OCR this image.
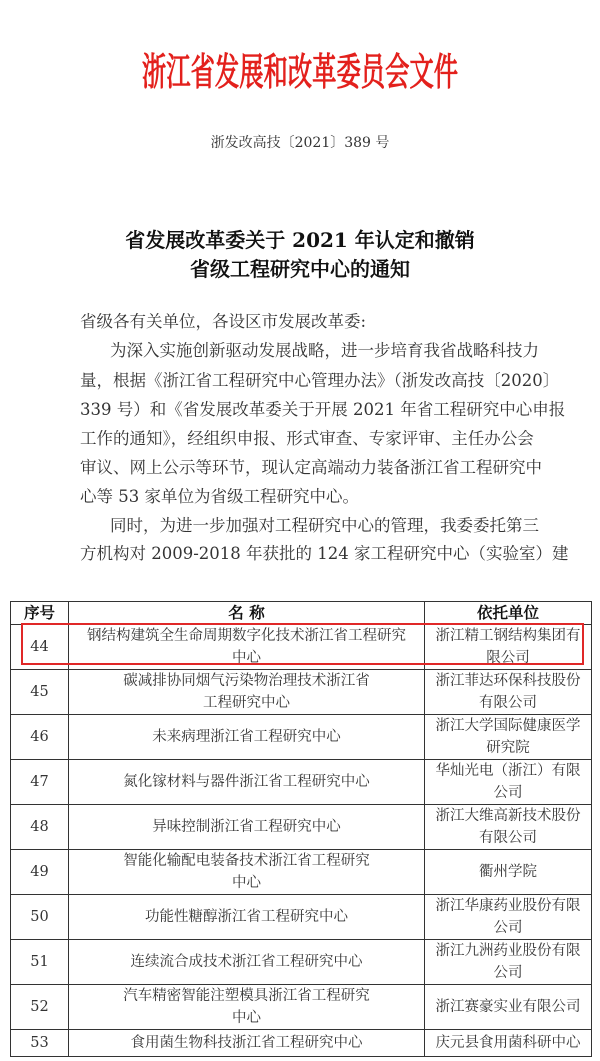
浙江省发展和改革委员会文件
浙发改高技〔2021〕389 号
省发展改革委关于 2021 年认定和撤销
省级工程研究中心的通知
省级各有关单位，各设区市发展改革委:
为深入实施创新驱动发展战略，进一步培育我省战略科技力
量，根据《浙江省工程研究中心管理办法》（浙发改高技〔2020〕
339 号）和《省发展改革委关于开展 2021 年省工程研究中心申报
工作的通知》，经组织申报、形式审查、专家评审、主任办公会
审议、网上公示等环节，现认定高端动力装备浙江省工程研究中
心等 53 家单位为省级工程研究中心。
同时，为进一步加强对工程研究中心的管理，我委委托第三
方机构对 2009-2018 年获批的 124 家工程研究中心（实验室）建
序号	名 称	依托单位
44	钢结构建筑全生命周期数字化技术浙江省工程研究
中心	浙江精工钢结构集团有
限公司
45	碳减排协同烟气污染物治理技术浙江省
工程研究中心	浙江菲达环保科技股份
有限公司
46	未来病理浙江省工程研究中心	浙江大学国际健康医学
研究院
47	氮化镓材料与器件浙江省工程研究中心	华灿光电（浙江）有限
公司
48	异味控制浙江省工程研究中心	浙江大维高新技术股份
有限公司
49	智能化输配电装备技术浙江省工程研究
中心	衢州学院
50	功能性糖醇浙江省工程研究中心	浙江华康药业股份有限
公司
51	连续流合成技术浙江省工程研究中心	浙江九洲药业股份有限
公司
52	汽车精密智能注塑模具浙江省工程研究
中心	浙江赛豪实业有限公司
53	食用菌生物科技浙江省工程研究中心	庆元县食用菌科研中心
